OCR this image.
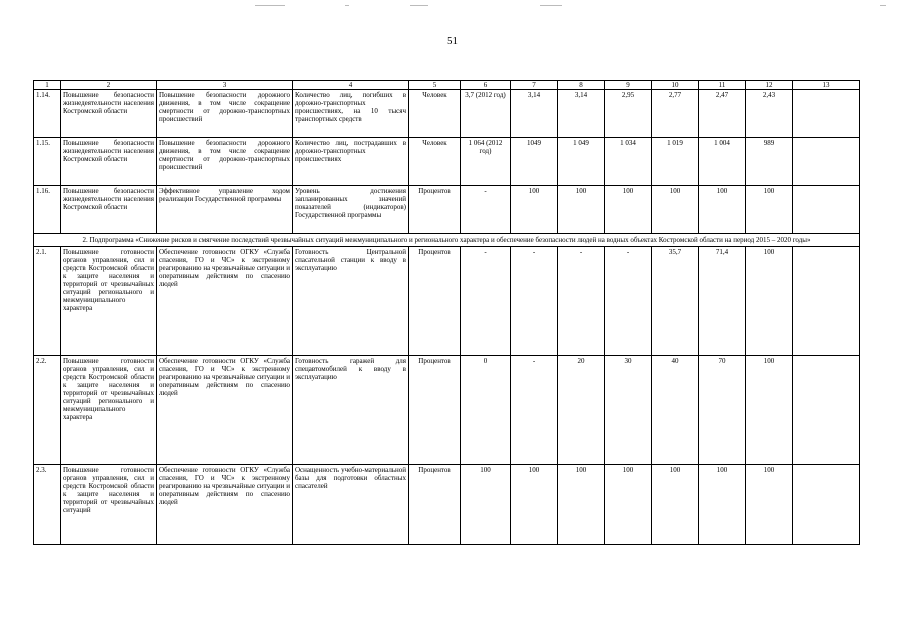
51
1	2	3	4	5	6	7	8	9	10	11	12	13
1.14.	Повышение безопасности жизнедеятельности населения Костромской области	Повышение безопасности дорожного движения, в том числе сокращение смертности от дорожно-транспортных происшествий	Количество лиц, погибших в дорожно-транспортных происшествиях, на 10 тысяч транспортных средств	Человек	3,7 (2012 год)	3,14	3,14	2,95	2,77	2,47	2,43	
1.15.	Повышение безопасности жизнедеятельности населения Костромской области	Повышение безопасности дорожного движения, в том числе сокращение смертности от дорожно-транспортных происшествий	Количество лиц, пострадавших в дорожно-транспортных происшествиях	Человек	1 064 (2012 год)	1049	1 049	1 034	1 019	1 004	989	
1.16.	Повышение безопасности жизнедеятельности населения Костромской области	Эффективное управление ходом реализации Государственной программы	Уровень достижения запланированных значений показателей (индикаторов) Государственной программы	Процентов	-	100	100	100	100	100	100	
2. Подпрограмма «Снижение рисков и смягчение последствий чрезвычайных ситуаций межмуниципального и регионального характера и обеспечение безопасности людей на водных объектах Костромской области на период 2015 – 2020 годы»												
2.1.	Повышение готовности органов управления, сил и средств Костромской области к защите населения и территорий от чрезвычайных ситуаций регионального и межмуниципального характера	Обеспечение готовности ОГКУ «Служба спасения, ГО и ЧС» к экстренному реагированию на чрезвычайные ситуации и оперативным действиям по спасению людей	Готовность Центральной спасательной станции к вводу в эксплуатацию	Процентов	-	-	-	-	35,7	71,4	100	
2.2.	Повышение готовности органов управления, сил и средств Костромской области к защите населения и территорий от чрезвычайных ситуаций регионального и межмуниципального характера	Обеспечение готовности ОГКУ «Служба спасения, ГО и ЧС» к экстренному реагированию на чрезвычайные ситуации и оперативным действиям по спасению людей	Готовность гаражей для спецавтомобилей к вводу в эксплуатацию	Процентов	0	-	20	30	40	70	100	
2.3.	Повышение готовности органов управления, сил и средств Костромской области к защите населения и территорий от чрезвычайных ситуаций	Обеспечение готовности ОГКУ «Служба спасения, ГО и ЧС» к экстренному реагированию на чрезвычайные ситуации и оперативным действиям по спасению людей	Оснащенность учебно-материальной базы для подготовки областных спасателей	Процентов	100	100	100	100	100	100	100	
